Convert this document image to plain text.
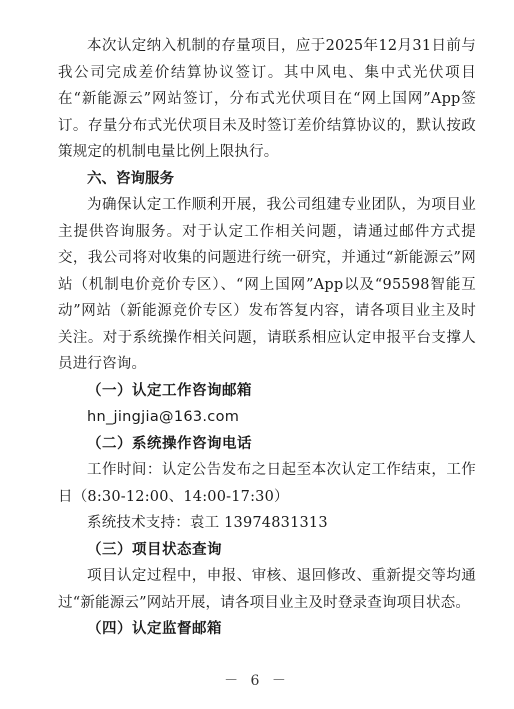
本次认定纳入机制的存量项目，应于2025年12月31日前与我公司完成差价结算协议签订。其中风电、集中式光伏项目在“新能源云”网站签订，分布式光伏项目在“网上国网”App签订。存量分布式光伏项目未及时签订差价结算协议的，默认按政策规定的机制电量比例上限执行。

六、咨询服务

为确保认定工作顺利开展，我公司组建专业团队，为项目业主提供咨询服务。对于认定工作相关问题，请通过邮件方式提交，我公司将对收集的问题进行统一研究，并通过“新能源云”网站（机制电价竞价专区）、“网上国网”App以及“95598智能互动”网站（新能源竞价专区）发布答复内容，请各项目业主及时关注。对于系统操作相关问题，请联系相应认定申报平台支撑人员进行咨询。

（一）认定工作咨询邮箱

hn_jingjia@163.com

（二）系统操作咨询电话

工作时间：认定公告发布之日起至本次认定工作结束，工作日（8:30-12:00、14:00-17:30）

系统技术支持：袁工 13974831313

（三）项目状态查询

项目认定过程中，申报、审核、退回修改、重新提交等均通过“新能源云”网站开展，请各项目业主及时登录查询项目状态。

（四）认定监督邮箱

－ 6 －
